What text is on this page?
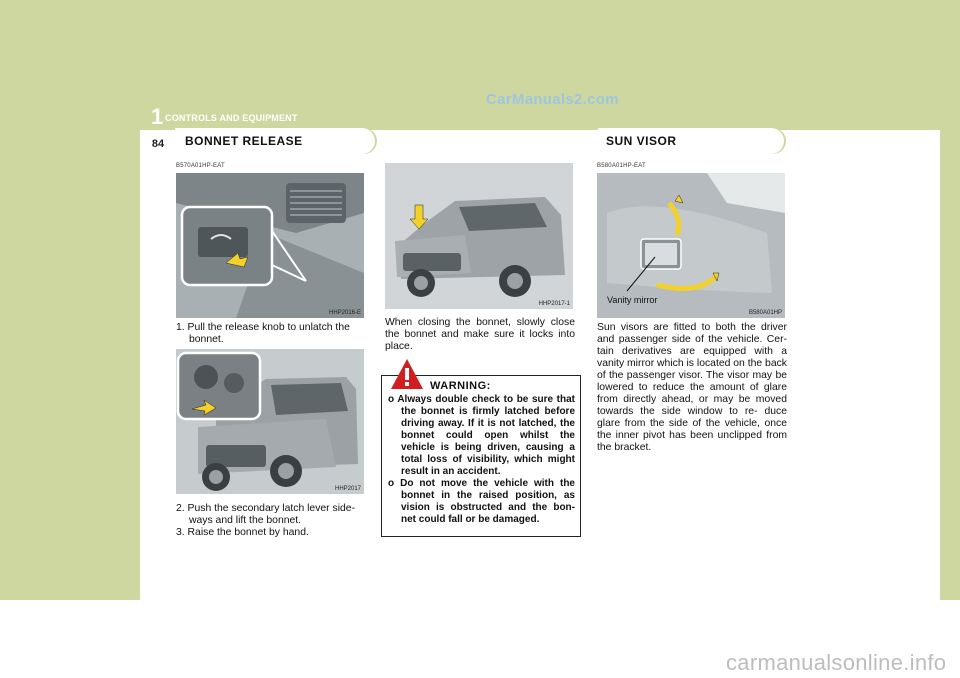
1 CONTROLS AND EQUIPMENT
CarManuals2.com
84	BONNET RELEASE	SUN VISOR
B570A01HP-EAT
HHP2016-E

1. Pull the release knob to unlatch the bonnet.

HHP2017

2. Push the secondary latch lever side- ways and lift the bonnet.

3. Raise the bonnet by hand.

HHP2017-1
When closing the bonnet, slowly close the bonnet and make sure it locks into place.
WARNING:

o Always double check to be sure that the bonnet is firmly latched before driving away. If it is not latched, the bonnet could open whilst the vehicle is being driven, causing a total loss of visibility, which might result in an accident.

o Do not move the vehicle with the bonnet in the raised position, as vision is obstructed and the bon- net could fall or be damaged.

B580A01HP-EAT
B580A01HP
Vanity mirror
Sun visors are fitted to both the driver and passenger side of the vehicle. Cer- tain derivatives are equipped with a vanity mirror which is located on the back of the passenger visor. The visor may be lowered to reduce the amount of glare from directly ahead, or may be moved towards the side window to re- duce glare from the side of the vehicle, once the inner pivot has been unclipped from the bracket.
carmanualsonline.info
